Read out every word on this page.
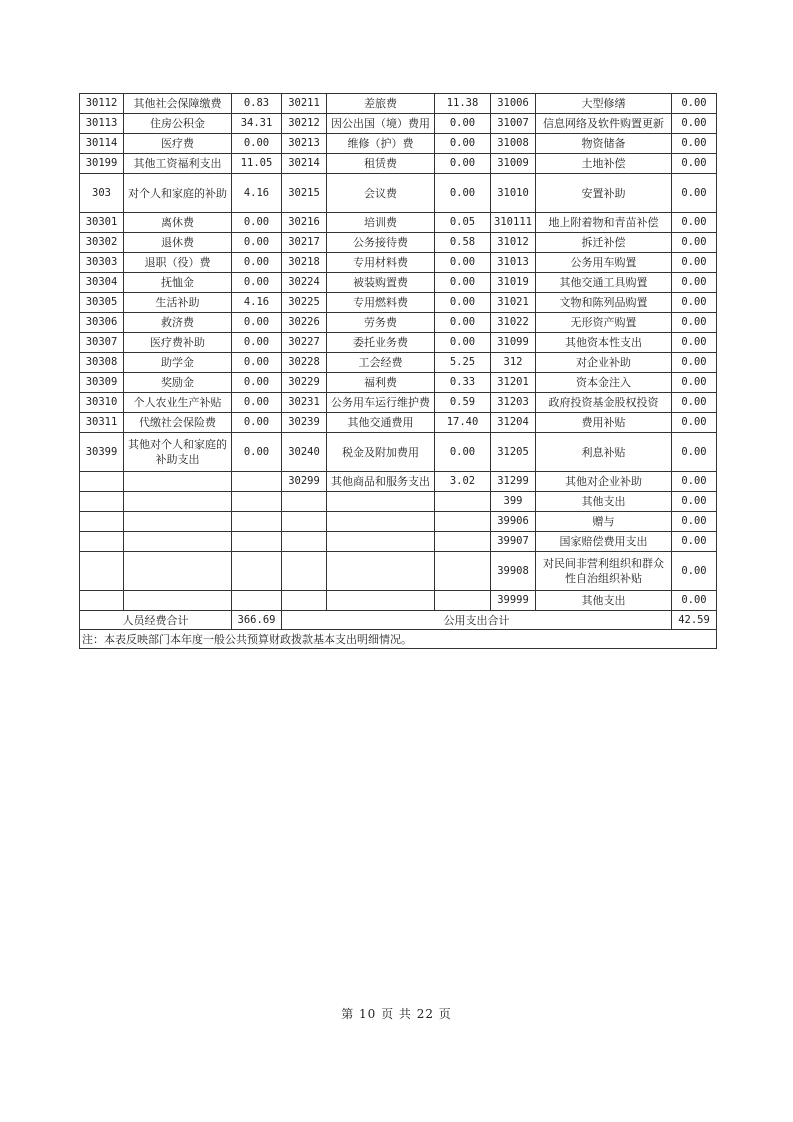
30112	其他社会保障缴费	0.83	30211	差旅费	11.38	31006	大型修缮	0.00
30113	住房公积金	34.31	30212	因公出国（境）费用	0.00	31007	信息网络及软件购置更新	0.00
30114	医疗费	0.00	30213	维修（护）费	0.00	31008	物资储备	0.00
30199	其他工资福利支出	11.05	30214	租赁费	0.00	31009	土地补偿	0.00
303	对个人和家庭的补助	4.16	30215	会议费	0.00	31010	安置补助	0.00
30301	离休费	0.00	30216	培训费	0.05	310111	地上附着物和青苗补偿	0.00
30302	退休费	0.00	30217	公务接待费	0.58	31012	拆迁补偿	0.00
30303	退职（役）费	0.00	30218	专用材料费	0.00	31013	公务用车购置	0.00
30304	抚恤金	0.00	30224	被装购置费	0.00	31019	其他交通工具购置	0.00
30305	生活补助	4.16	30225	专用燃料费	0.00	31021	文物和陈列品购置	0.00
30306	救济费	0.00	30226	劳务费	0.00	31022	无形资产购置	0.00
30307	医疗费补助	0.00	30227	委托业务费	0.00	31099	其他资本性支出	0.00
30308	助学金	0.00	30228	工会经费	5.25	312	对企业补助	0.00
30309	奖励金	0.00	30229	福利费	0.33	31201	资本金注入	0.00
30310	个人农业生产补贴	0.00	30231	公务用车运行维护费	0.59	31203	政府投资基金股权投资	0.00
30311	代缴社会保险费	0.00	30239	其他交通费用	17.40	31204	费用补贴	0.00
30399	其他对个人和家庭的补助支出	0.00	30240	税金及附加费用	0.00	31205	利息补贴	0.00
			30299	其他商品和服务支出	3.02	31299	其他对企业补助	0.00
						399	其他支出	0.00
						39906	赠与	0.00
						39907	国家赔偿费用支出	0.00
						39908	对民间非营利组织和群众性自治组织补贴	0.00
						39999	其他支出	0.00
人员经费合计		366.69	公用支出合计					42.59
注：本表反映部门本年度一般公共预算财政拨款基本支出明细情况。								
第 10 页 共 22 页
